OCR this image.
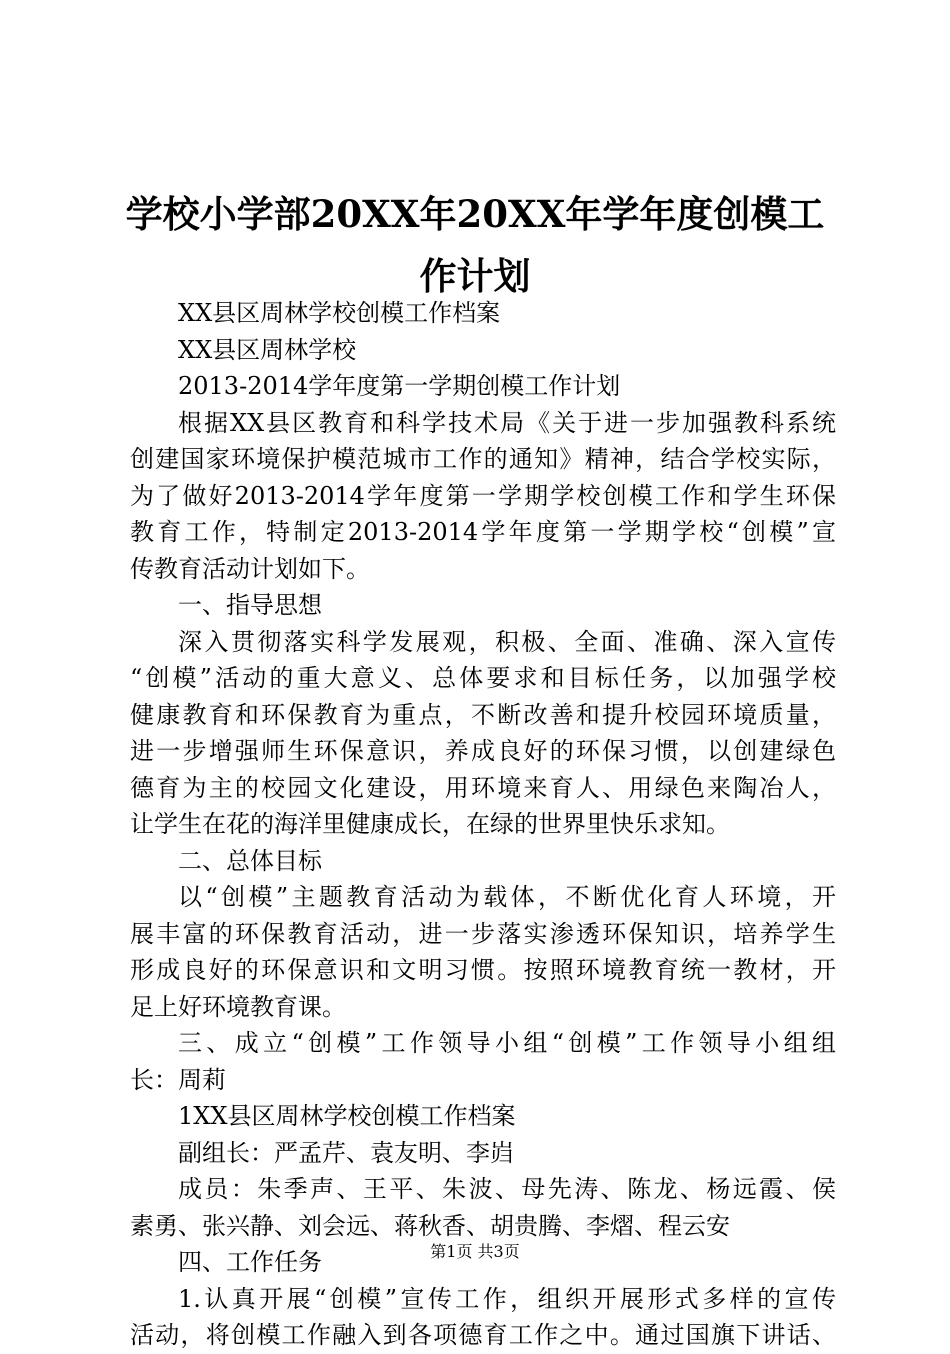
学校小学部20XX年20XX年学年度创模工作计划
XX县区周林学校创模工作档案
XX县区周林学校
2013-2014学年度第一学期创模工作计划
根据XX县区教育和科学技术局《关于进一步加强教科系统
创建国家环境保护模范城市工作的通知》精神，结合学校实际，
为了做好2013-2014学年度第一学期学校创模工作和学生环保
教育工作，特制定2013-2014学年度第一学期学校“创模”宣
传教育活动计划如下。
一、指导思想
深入贯彻落实科学发展观，积极、全面、准确、深入宣传
“创模”活动的重大意义、总体要求和目标任务，以加强学校
健康教育和环保教育为重点，不断改善和提升校园环境质量，
进一步增强师生环保意识，养成良好的环保习惯，以创建绿色
德育为主的校园文化建设，用环境来育人、用绿色来陶冶人，
让学生在花的海洋里健康成长，在绿的世界里快乐求知。
二、总体目标
以“创模”主题教育活动为载体，不断优化育人环境，开
展丰富的环保教育活动，进一步落实渗透环保知识，培养学生
形成良好的环保意识和文明习惯。按照环境教育统一教材，开
足上好环境教育课。
三、成立“创模”工作领导小组“创模”工作领导小组组
长：周莉
1XX县区周林学校创模工作档案
副组长：严孟芹、袁友明、李岿
成员：朱季声、王平、朱波、母先涛、陈龙、杨远霞、侯
素勇、张兴静、刘会远、蒋秋香、胡贵腾、李熠、程云安
四、工作任务
1.认真开展“创模”宣传工作，组织开展形式多样的宣传
活动，将创模工作融入到各项德育工作之中。通过国旗下讲话、
第1页 共3页
